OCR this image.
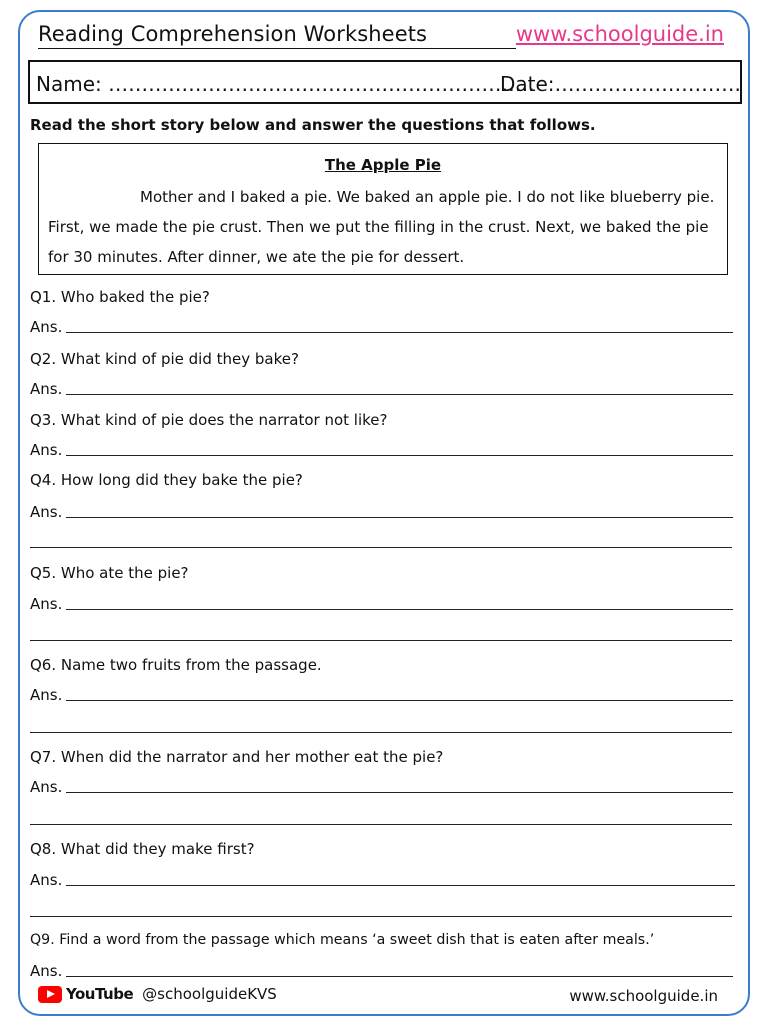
Reading Comprehension Worksheets	www.schoolguide.in
Name: ……………………………………………………….
Date:……………………….
Read the short story below and answer the questions that follows.
The Apple Pie
Mother and I baked a pie. We baked an apple pie. I do not like blueberry pie. First, we made the pie crust. Then we put the filling in the crust. Next, we baked the pie for 30 minutes. After dinner, we ate the pie for dessert.
Q1. Who baked the pie?
Ans.
Q2. What kind of pie did they bake?
Ans.
Q3. What kind of pie does the narrator not like?
Ans.
Q4. How long did they bake the pie?
Ans.
Q5. Who ate the pie?
Ans.
Q6. Name two fruits from the passage.
Ans.
Q7. When did the narrator and her mother eat the pie?
Ans.
Q8. What did they make first?
Ans.
Q9. Find a word from the passage which means ‘a sweet dish that is eaten after meals.’
Ans.
YouTube @schoolguideKVS	www.schoolguide.in
